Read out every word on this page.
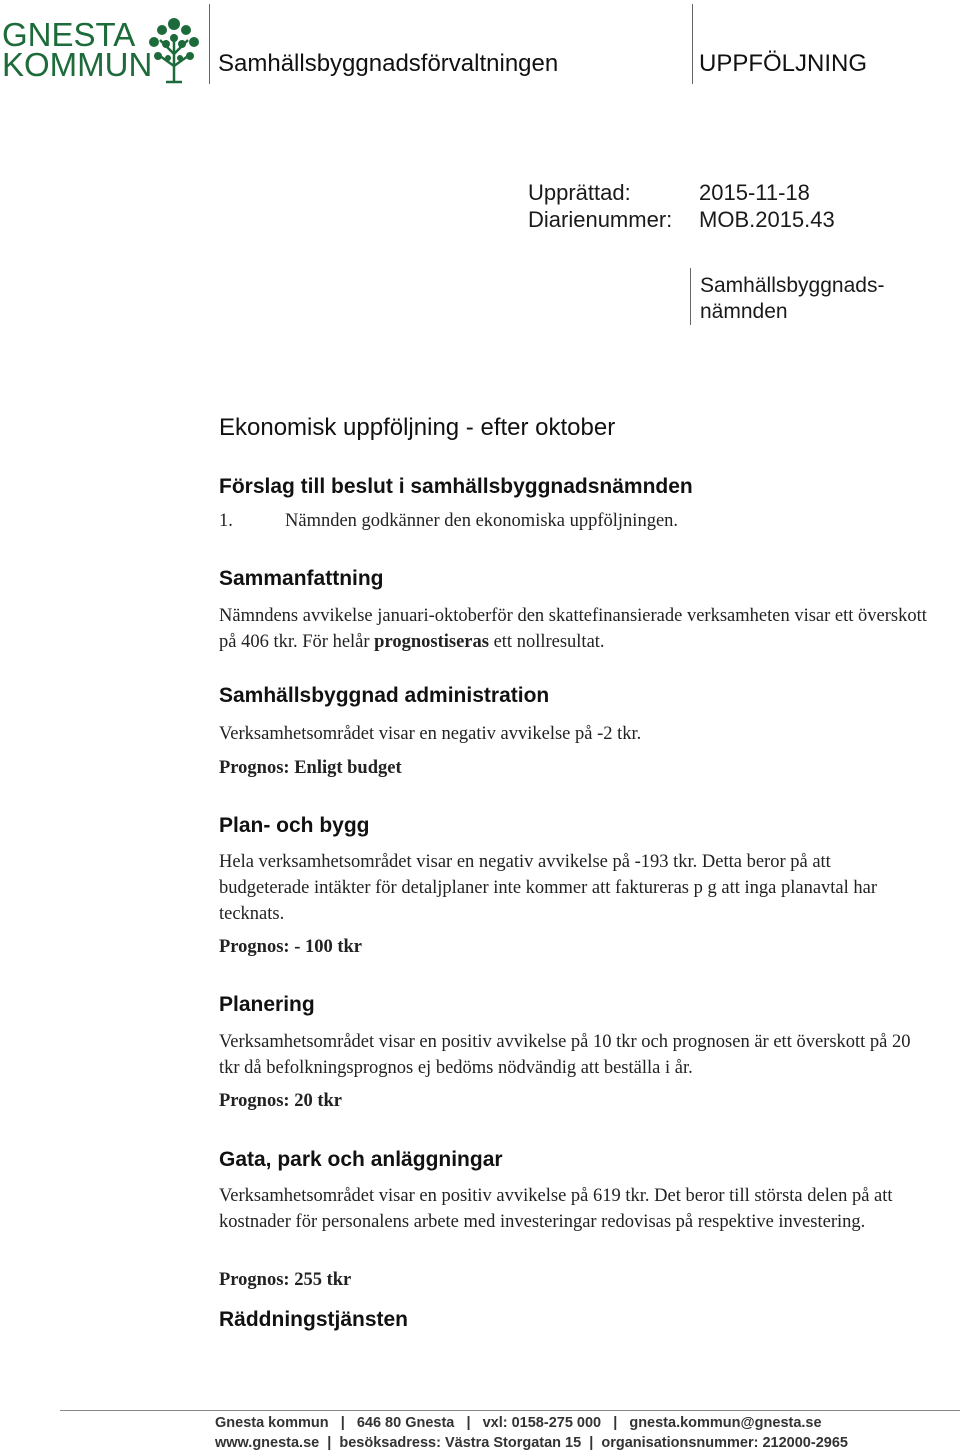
GNESTA
KOMMUN	Samhällsbyggnadsförvaltningen	UPPFÖLJNING
Upprättad:	2015-11-18
Diarienummer: MOB.2015.43
Samhällsbyggnads-
nämnden
Ekonomisk uppföljning - efter oktober
Förslag till beslut i samhällsbyggnadsnämnden
1.	Nämnden godkänner den ekonomiska uppföljningen.
Sammanfattning
Nämndens avvikelse januari-oktoberför den skattefinansierade verksamheten visar ett överskott på 406 tkr. För helår prognostiseras ett nollresultat.
Samhällsbyggnad administration
Verksamhetsområdet visar en negativ avvikelse på -2 tkr.
Prognos: Enligt budget
Plan- och bygg
Hela verksamhetsområdet visar en negativ avvikelse på -193 tkr. Detta beror på att budgeterade intäkter för detaljplaner inte kommer att faktureras p g att inga planavtal har tecknats.
Prognos: - 100 tkr
Planering
Verksamhetsområdet visar en positiv avvikelse på 10 tkr och prognosen är ett överskott på 20 tkr då befolkningsprognos ej bedöms nödvändig att beställa i år.
Prognos: 20 tkr
Gata, park och anläggningar
Verksamhetsområdet visar en positiv avvikelse på 619 tkr. Det beror till största delen på att kostnader för personalens arbete med investeringar redovisas på respektive investering.
Prognos: 255 tkr
Räddningstjänsten
Gnesta kommun   |   646 80 Gnesta   |   vxl: 0158-275 000   |   gnesta.kommun@gnesta.se
www.gnesta.se  |  besöksadress: Västra Storgatan 15  |  organisationsnummer: 212000-2965
